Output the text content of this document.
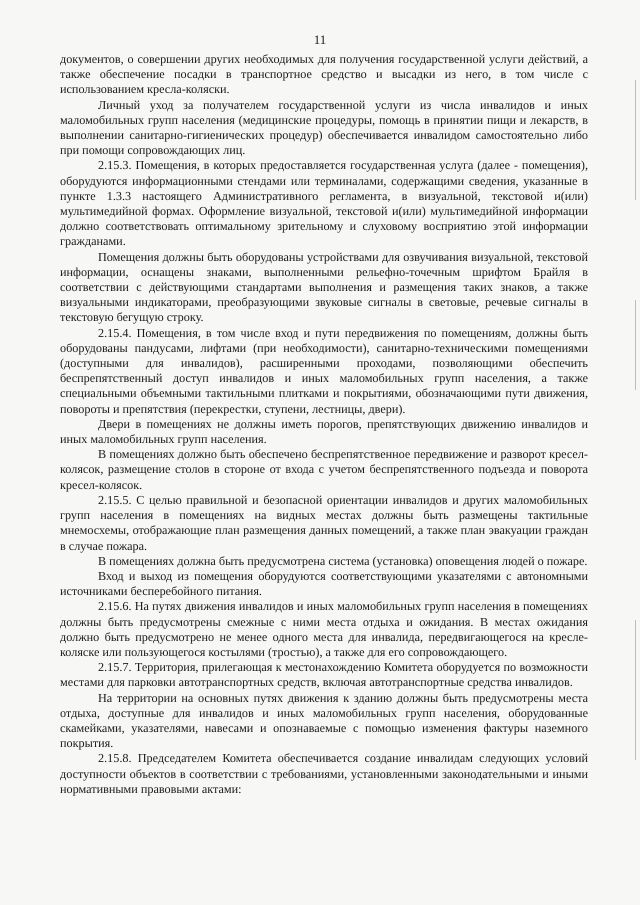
11

документов, о совершении других необходимых для получения государственной услуги действий, а также обеспечение посадки в транспортное средство и высадки из него, в том числе с использованием кресла-коляски.

Личный уход за получателем государственной услуги из числа инвалидов и иных маломобильных групп населения (медицинские процедуры, помощь в принятии пищи и лекарств, в выполнении санитарно-гигиенических процедур) обеспечивается инвалидом самостоятельно либо при помощи сопровождающих лиц.

2.15.3. Помещения, в которых предоставляется государственная услуга (далее - помещения), оборудуются информационными стендами или терминалами, содержащими сведения, указанные в пункте 1.3.3 настоящего Административного регламента, в визуальной, текстовой и(или) мультимедийной формах. Оформление визуальной, текстовой и(или) мультимедийной информации должно соответствовать оптимальному зрительному и слуховому восприятию этой информации гражданами.

Помещения должны быть оборудованы устройствами для озвучивания визуальной, текстовой информации, оснащены знаками, выполненными рельефно-точечным шрифтом Брайля в соответствии с действующими стандартами выполнения и размещения таких знаков, а также визуальными индикаторами, преобразующими звуковые сигналы в световые, речевые сигналы в текстовую бегущую строку.

2.15.4. Помещения, в том числе вход и пути передвижения по помещениям, должны быть оборудованы пандусами, лифтами (при необходимости), санитарно-техническими помещениями (доступными для инвалидов), расширенными проходами, позволяющими обеспечить беспрепятственный доступ инвалидов и иных маломобильных групп населения, а также специальными объемными тактильными плитками и покрытиями, обозначающими пути движения, повороты и препятствия (перекрестки, ступени, лестницы, двери).

Двери в помещениях не должны иметь порогов, препятствующих движению инвалидов и иных маломобильных групп населения.

В помещениях должно быть обеспечено беспрепятственное передвижение и разворот кресел-колясок, размещение столов в стороне от входа с учетом беспрепятственного подъезда и поворота кресел-колясок.

2.15.5. С целью правильной и безопасной ориентации инвалидов и других маломобильных групп населения в помещениях на видных местах должны быть размещены тактильные мнемосхемы, отображающие план размещения данных помещений, а также план эвакуации граждан в случае пожара.

В помещениях должна быть предусмотрена система (установка) оповещения людей о пожаре.

Вход и выход из помещения оборудуются соответствующими указателями с автономными источниками бесперебойного питания.

2.15.6. На путях движения инвалидов и иных маломобильных групп населения в помещениях должны быть предусмотрены смежные с ними места отдыха и ожидания. В местах ожидания должно быть предусмотрено не менее одного места для инвалида, передвигающегося на кресле-коляске или пользующегося костылями (тростью), а также для его сопровождающего.

2.15.7. Территория, прилегающая к местонахождению Комитета оборудуется по возможности местами для парковки автотранспортных средств, включая автотранспортные средства инвалидов.

На территории на основных путях движения к зданию должны быть предусмотрены места отдыха, доступные для инвалидов и иных маломобильных групп населения, оборудованные скамейками, указателями, навесами и опознаваемые с помощью изменения фактуры наземного покрытия.

2.15.8. Председателем Комитета обеспечивается создание инвалидам следующих условий доступности объектов в соответствии с требованиями, установленными законодательными и иными нормативными правовыми актами:
